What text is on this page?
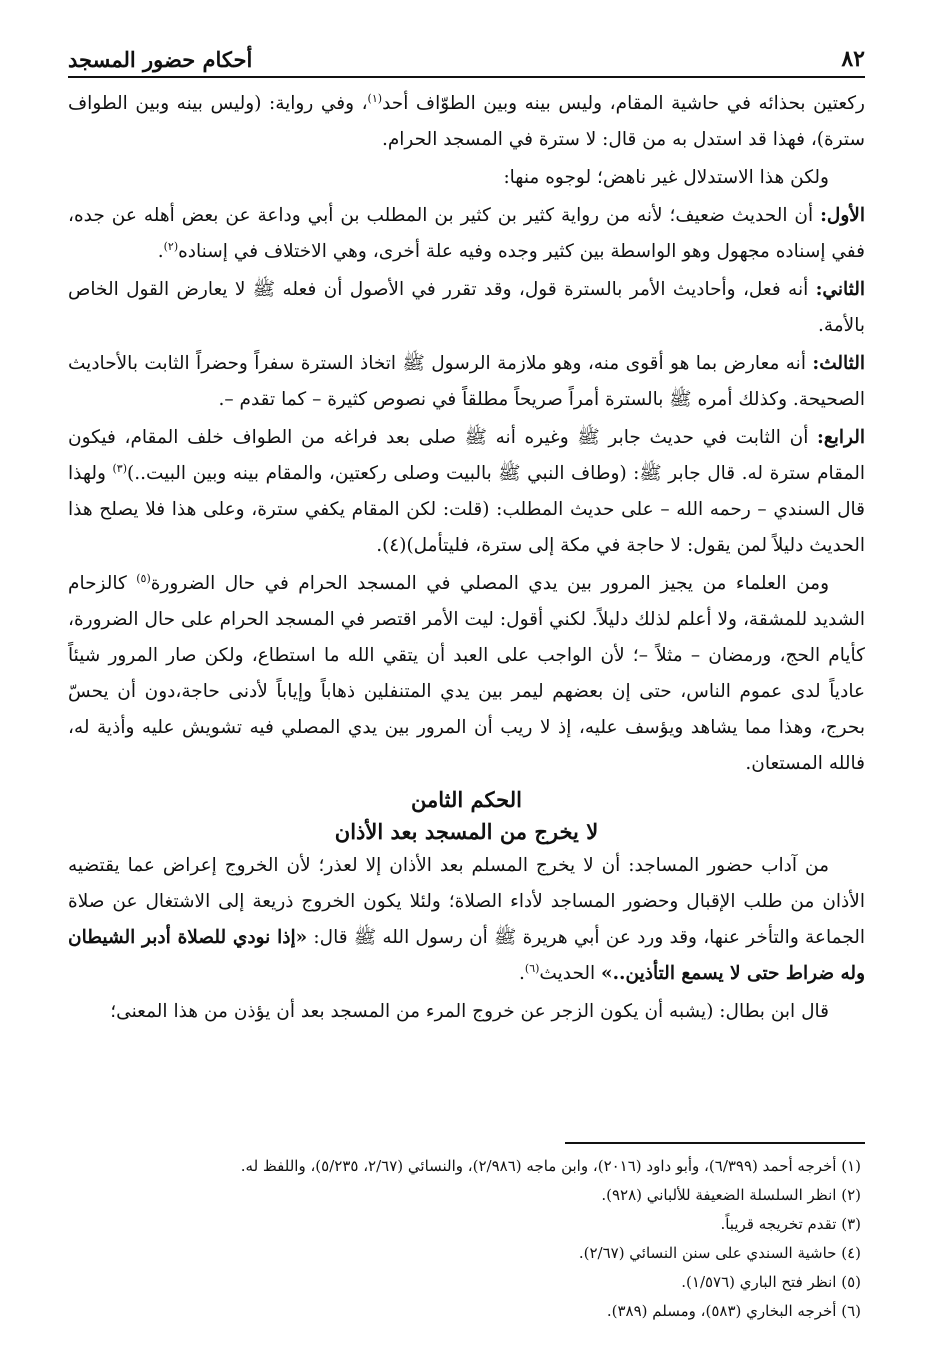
٨٢
أحكام حضور المسجد

ركعتين بحذائه في حاشية المقام، وليس بينه وبين الطوّاف أحد$^{(١)}$، وفي رواية: (وليس بينه وبين الطواف سترة)، فهذا قد استدل به من قال: لا سترة في المسجد الحرام.

ولكن هذا الاستدلال غير ناهض؛ لوجوه منها:

الأول: أن الحديث ضعيف؛ لأنه من رواية كثير بن كثير بن المطلب بن أبي وداعة عن بعض أهله عن جده، ففي إسناده مجهول وهو الواسطة بين كثير وجده وفيه علة أخرى، وهي الاختلاف في إسناده$^{(٢)}$.

الثاني: أنه فعل، وأحاديث الأمر بالسترة قول، وقد تقرر في الأصول أن فعله ﷺ لا يعارض القول الخاص بالأمة.

الثالث: أنه معارض بما هو أقوى منه، وهو ملازمة الرسول ﷺ اتخاذ السترة سفراً وحضراً الثابت بالأحاديث الصحيحة. وكذلك أمره ﷺ بالسترة أمراً صريحاً مطلقاً في نصوص كثيرة – كما تقدم –.

الرابع: أن الثابت في حديث جابر ﷺ وغيره أنه ﷺ صلى بعد فراغه من الطواف خلف المقام، فيكون المقام سترة له. قال جابر ﷺ: (وطاف النبي ﷺ بالبيت وصلى ركعتين، والمقام بينه وبين البيت..)$^{(٣)}$ ولهذا قال السندي – رحمه الله – على حديث المطلب: (قلت: لكن المقام يكفي سترة، وعلى هذا فلا يصلح هذا الحديث دليلاً لمن يقول: لا حاجة في مكة إلى سترة، فليتأمل)(٤).

ومن العلماء من يجيز المرور بين يدي المصلي في المسجد الحرام في حال الضرورة$^{(٥)}$ كالزحام الشديد للمشقة، ولا أعلم لذلك دليلاً. لكني أقول: ليت الأمر اقتصر في المسجد الحرام على حال الضرورة، كأيام الحج، ورمضان – مثلاً –؛ لأن الواجب على العبد أن يتقي الله ما استطاع، ولكن صار المرور شيئاً عادياً لدى عموم الناس، حتى إن بعضهم ليمر بين يدي المتنفلين ذهاباً وإياباً لأدنى حاجة،دون أن يحسّ بحرج، وهذا مما يشاهد ويؤسف عليه، إذ لا ريب أن المرور بين يدي المصلي فيه تشويش عليه وأذية له، فالله المستعان.

الحكم الثامن
لا يخرج من المسجد بعد الأذان

من آداب حضور المساجد: أن لا يخرج المسلم بعد الأذان إلا لعذر؛ لأن الخروج إعراض عما يقتضيه الأذان من طلب الإقبال وحضور المساجد لأداء الصلاة؛ ولئلا يكون الخروج ذريعة إلى الاشتغال عن صلاة الجماعة والتأخر عنها، وقد ورد عن أبي هريرة ﷺ أن رسول الله ﷺ قال: «إذا نودي للصلاة أدبر الشيطان وله ضراط حتى لا يسمع التأذين..» الحديث$^{(٦)}$.

قال ابن بطال: (يشبه أن يكون الزجر عن خروج المرء من المسجد بعد أن يؤذن من هذا المعنى؛

(١) أخرجه أحمد (٦/٣٩٩)، وأبو داود (٢٠١٦)، وابن ماجه (٢/٩٨٦)، والنسائي (٢/٦٧، ٥/٢٣٥)، واللفظ له.

(٢) انظر السلسلة الضعيفة للألباني (٩٢٨).

(٣) تقدم تخريجه قريباً.

(٤) حاشية السندي على سنن النسائي (٢/٦٧).

(٥) انظر فتح الباري (١/٥٧٦).

(٦) أخرجه البخاري (٥٨٣)، ومسلم (٣٨٩).
